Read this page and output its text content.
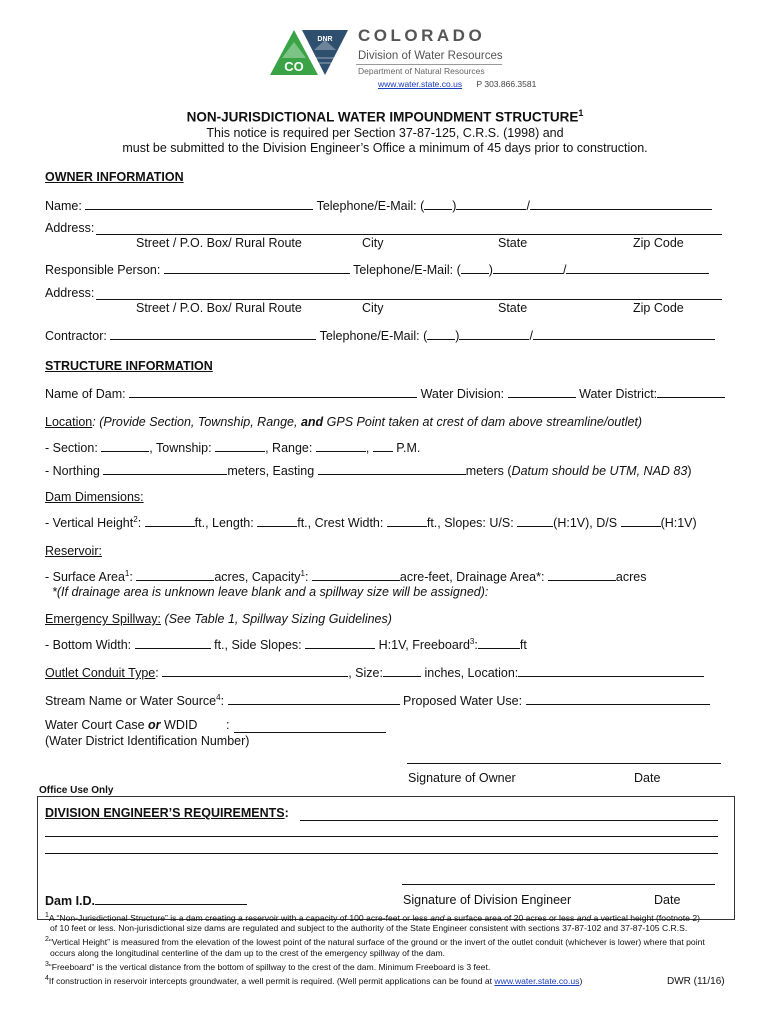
DNR
CO
COLORADO
Division of Water Resources
Department of Natural Resources
www.water.state.co.us P 303.866.3581
NON-JURISDICTIONAL WATER IMPOUNDMENT STRUCTURE$^1$
This notice is required per Section 37-87-125, C.R.S. (1998) and
must be submitted to the Division Engineer’s Office a minimum of 45 days prior to construction.
OWNER INFORMATION
Name:	Telephone/E-Mail: ( )	/
Address:
Street / P.O. Box/ Rural Route	City	State	Zip Code
Responsible Person:	Telephone/E-Mail: ( )	/
Address:
Street / P.O. Box/ Rural Route	City	State	Zip Code
Contractor:	Telephone/E-Mail: ( )	/
STRUCTURE INFORMATION
Name of Dam:	Water Division:	Water District:
Location: (Provide Section, Township, Range, and GPS Point taken at crest of dam above streamline/outlet)
- Section:	, Township:	, Range:	, P.M.
- Northing	meters, Easting	meters (Datum should be UTM, NAD 83)
Dam Dimensions:
- Vertical Height$^2$:	ft., Length:	ft., Crest Width:	ft., Slopes: U/S:	(H:1V), D/S	(H:1V)
Reservoir:
- Surface Area$^1$:	acres, Capacity$^1$:	acre-feet, Drainage Area*:	acres
*(If drainage area is unknown leave blank and a spillway size will be assigned):
Emergency Spillway: (See Table 1, Spillway Sizing Guidelines)
- Bottom Width:	ft., Side Slopes:	H:1V, Freeboard$^3$:	ft
Outlet Conduit Type:	, Size:	inches, Location:
Stream Name or Water Source$^4$:	Proposed Water Use:
Water Court Case or WDID :
(Water District Identification Number)
Signature of Owner	Date
Office Use Only
DIVISION ENGINEER’S REQUIREMENTS:
Dam I.D.	Signature of Division Engineer	Date
$^1$A “Non-Jurisdictional Structure” is a dam creating a reservoir with a capacity of 100 acre-feet or less and a surface area of 20 acres or less and a vertical height (footnote 2)
of 10 feet or less. Non-jurisdictional size dams are regulated and subject to the authority of the State Engineer consistent with sections 37-87-102 and 37-87-105 C.R.S.
$^2$“Vertical Height” is measured from the elevation of the lowest point of the natural surface of the ground or the invert of the outlet conduit (whichever is lower) where that point
occurs along the longitudinal centerline of the dam up to the crest of the emergency spillway of the dam.
$^3$“Freeboard” is the vertical distance from the bottom of spillway to the crest of the dam. Minimum Freeboard is 3 feet.
$^4$If construction in reservoir intercepts groundwater, a well permit is required. (Well permit applications can be found at www.water.state.co.us)	DWR (11/16)
